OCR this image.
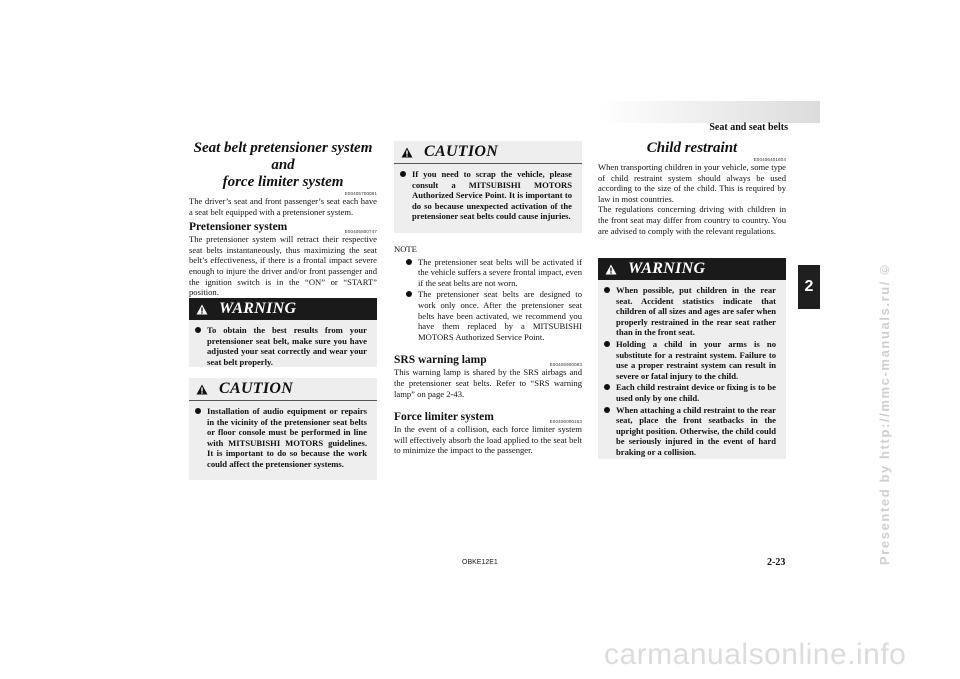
Seat and seat belts
2

Seat belt pretensioner system and

force limiter system

E00405700081

The driver’s seat and front passenger’s seat each have a seat belt equipped with a pretensioner system.

Pretensioner system	E00405800747

The pretensioner system will retract their respective seat belts instantaneously, thus maximizing the seat belt’s effectiveness, if there is a frontal impact severe enough to injure the driver and/or front passenger and the ignition switch is in the “ON” or “START” position.

WARNING
To obtain the best results from your pretensioner seat belt, make sure you have adjusted your seat correctly and wear your seat belt properly.
CAUTION
Installation of audio equipment or repairs in the vicinity of the pretensioner seat belts or floor console must be performed in line with MITSUBISHI MOTORS guidelines. It is important to do so because the work could affect the pretensioner systems.
CAUTION
If you need to scrap the vehicle, please consult a MITSUBISHI MOTORS Authorized Service Point. It is important to do so because unexpected activation of the pretensioner seat belts could cause injuries.

NOTE

The pretensioner seat belts will be activated if the vehicle suffers a severe frontal impact, even if the seat belts are not worn.
The pretensioner seat belts are designed to work only once. After the pretensioner seat belts have been activated, we recommend you have them replaced by a MITSUBISHI MOTORS Authorized Service Point.

SRS warning lamp	E00405900083

This warning lamp is shared by the SRS airbags and the pretensioner seat belts. Refer to “SRS warning lamp” on page 2-43.

Force limiter system	E00406000153

In the event of a collision, each force limiter system will effectively absorb the load applied to the seat belt to minimize the impact to the passenger.

Child restraint

E00406401604

When transporting children in your vehicle, some type of child restraint system should always be used according to the size of the child. This is required by law in most countries.

The regulations concerning driving with children in the front seat may differ from country to country. You are advised to comply with the relevant regulations.

WARNING
When possible, put children in the rear seat. Accident statistics indicate that children of all sizes and ages are safer when properly restrained in the rear seat rather than in the front seat.
Holding a child in your arms is no substitute for a restraint system. Failure to use a proper restraint system can result in severe or fatal injury to the child.
Each child restraint device or fixing is to be used only by one child.
When attaching a child restraint to the rear seat, place the front seatbacks in the upright position. Otherwise, the child could be seriously injured in the event of hard braking or a collision.
OBKE12E1	2-23	Presented by http://mmc-manuals.ru/ ©
carmanualsonline.info
